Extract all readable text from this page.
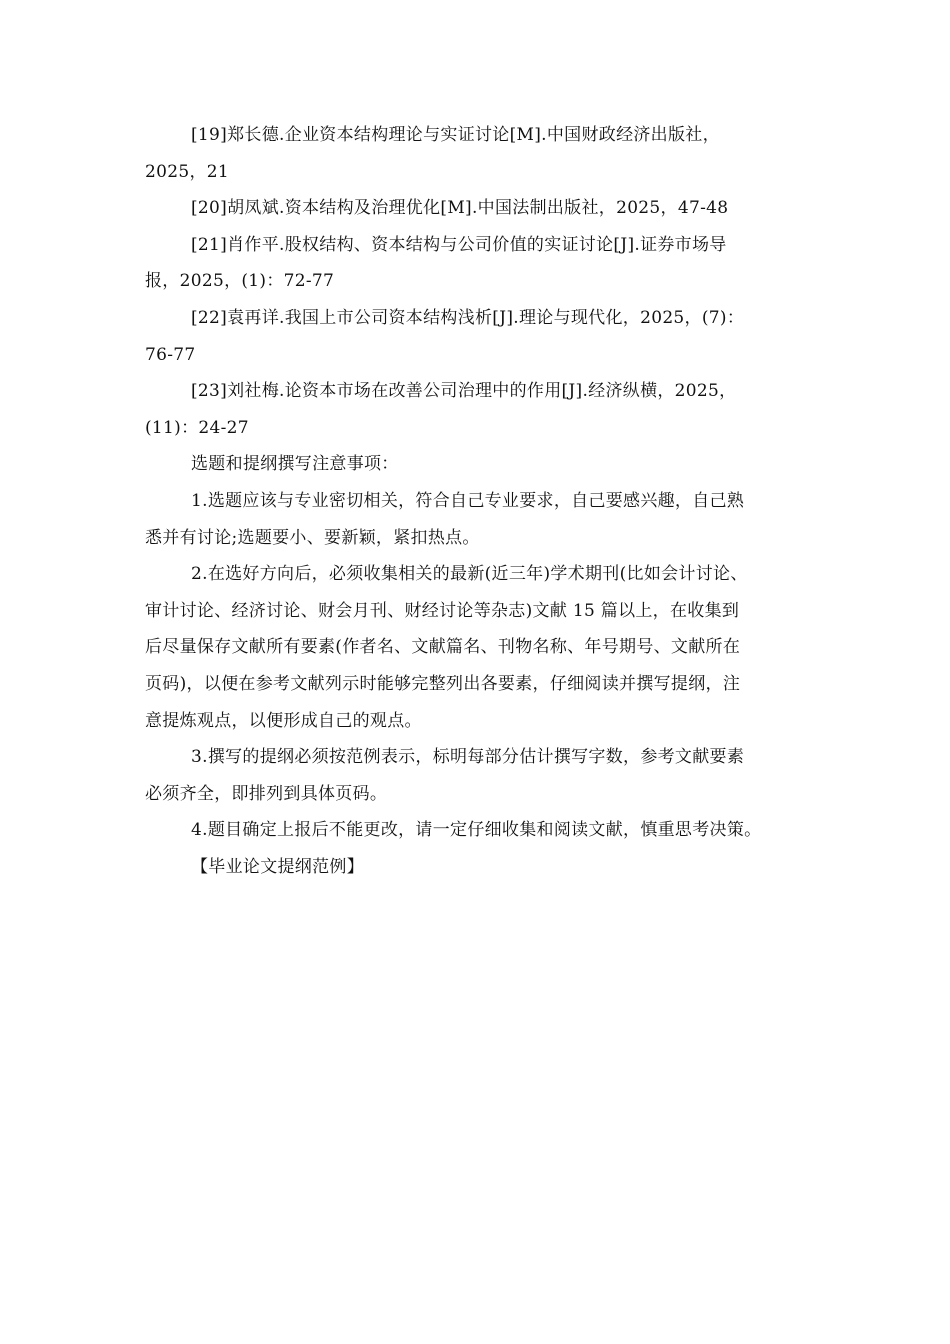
[19]郑长德.企业资本结构理论与实证讨论[M].中国财政经济出版社，
2025，21
[20]胡凤斌.资本结构及治理优化[M].中国法制出版社，2025，47-48
[21]肖作平.股权结构、资本结构与公司价值的实证讨论[J].证券市场导
报，2025，(1)：72-77
[22]袁再详.我国上市公司资本结构浅析[J].理论与现代化，2025，(7)：
76-77
[23]刘社梅.论资本市场在改善公司治理中的作用[J].经济纵横，2025，
(11)：24-27
选题和提纲撰写注意事项：
1.选题应该与专业密切相关，符合自己专业要求，自己要感兴趣，自己熟
悉并有讨论;选题要小、要新颖，紧扣热点。
2.在选好方向后，必须收集相关的最新(近三年)学术期刊(比如会计讨论、
审计讨论、经济讨论、财会月刊、财经讨论等杂志)文献 15 篇以上，在收集到
后尽量保存文献所有要素(作者名、文献篇名、刊物名称、年号期号、文献所在
页码)，以便在参考文献列示时能够完整列出各要素，仔细阅读并撰写提纲，注
意提炼观点，以便形成自己的观点。
3.撰写的提纲必须按范例表示，标明每部分估计撰写字数，参考文献要素
必须齐全，即排列到具体页码。
4.题目确定上报后不能更改，请一定仔细收集和阅读文献，慎重思考决策。
【毕业论文提纲范例】
